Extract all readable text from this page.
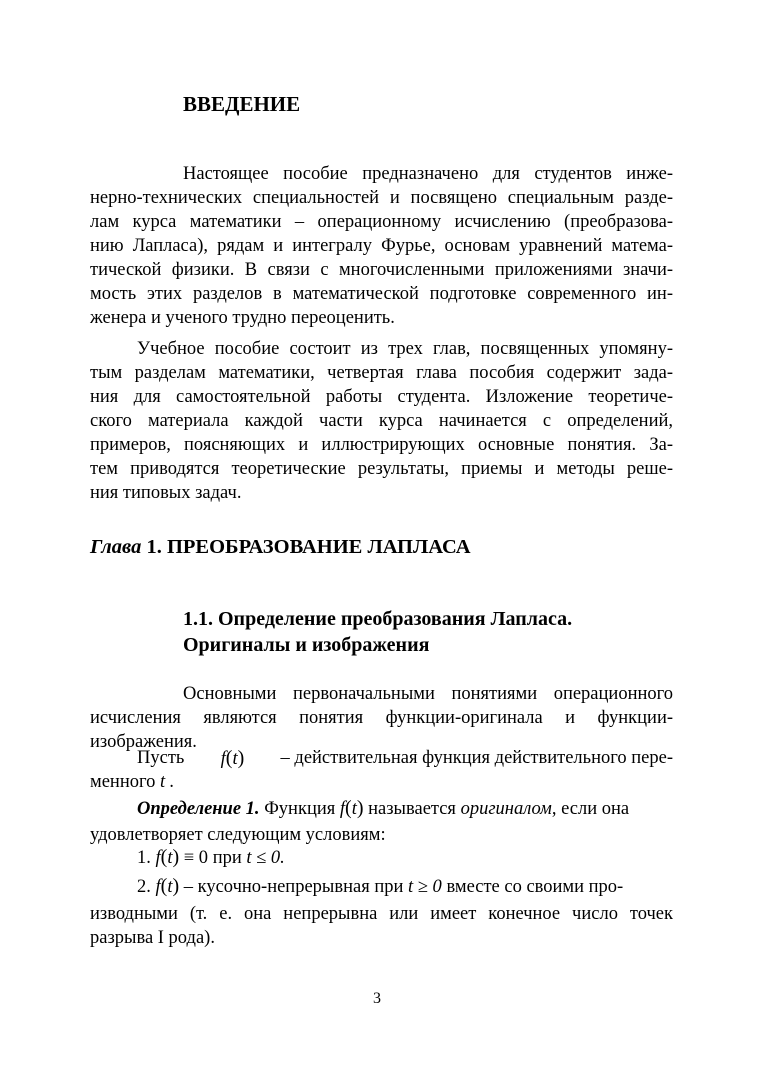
ВВЕДЕНИЕ
Настоящее пособие предназначено для студентов инже-
нерно-технических специальностей и посвящено специальным разде-
лам курса математики – операционному исчислению (преобразова-
нию Лапласа), рядам и интегралу Фурье, основам уравнений матема-
тической физики. В связи с многочисленными приложениями значи-
мость этих разделов в математической подготовке современного ин-
женера и ученого трудно переоценить.
Учебное пособие состоит из трех глав, посвященных упомяну-
тым разделам математики, четвертая глава пособия содержит зада-
ния для самостоятельной работы студента. Изложение теоретиче-
ского материала каждой части курса начинается с определений,
примеров, поясняющих и иллюстрирующих основные понятия. За-
тем приводятся теоретические результаты, приемы и методы реше-
ния типовых задач.
Глава 1. ПРЕОБРАЗОВАНИЕ ЛАПЛАСА
1.1. Определение преобразования Лапласа.
Оригиналы и изображения
Основными первоначальными понятиями операционного
исчисления являются понятия функции-оригинала и функции-
изображения.
Пусть f(t) – действительная функция действительного пере-
менного t .
Определение 1. Функция f(t) называется оригиналом, если она
удовлетворяет следующим условиям:
1. f(t) ≡ 0 при t ≤ 0.
2. f(t) – кусочно-непрерывная при t ≥ 0 вместе со своими про-
изводными (т. е. она непрерывна или имеет конечное число точек
разрыва I рода).
3
